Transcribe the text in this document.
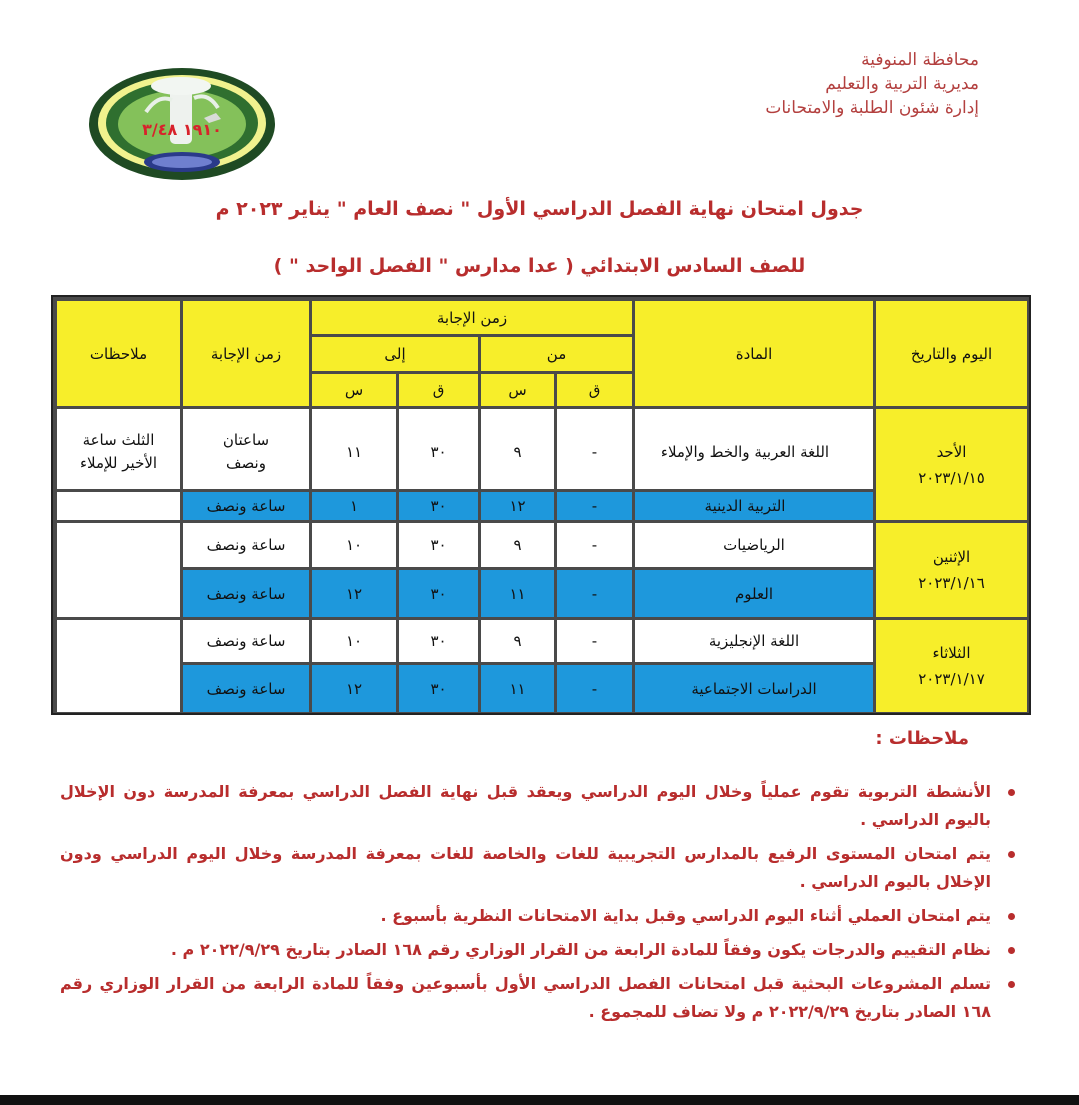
محافظة المنوفية
مديرية التربية والتعليم
إدارة شئون الطلبة والامتحانات
١٩١٠ ٣/٤٨
جدول امتحان نهاية الفصل الدراسي الأول " نصف العام " يناير ٢٠٢٣ م
للصف السادس الابتدائي ( عدا مدارس " الفصل الواحد " )
اليوم والتاريخ
المادة
زمن الإجابة
من
إلى
ق
س
ق
س
زمن الإجابة
ملاحظات
الأحد
٢٠٢٣/١/١٥
الإثنين
٢٠٢٣/١/١٦
الثلاثاء
٢٠٢٣/١/١٧
اللغة العربية والخط والإملاء
-
٩
٣٠
١١
ساعتان ونصف
الثلث ساعة الأخير للإملاء
التربية الدينية
-
١٢
٣٠
١
ساعة ونصف
الرياضيات
-
٩
٣٠
١٠
ساعة ونصف
العلوم
-
١١
٣٠
١٢
ساعة ونصف
اللغة الإنجليزية
-
٩
٣٠
١٠
ساعة ونصف
الدراسات الاجتماعية
-
١١
٣٠
١٢
ساعة ونصف
ملاحظات :
الأنشطة التربوية تقوم عملياً وخلال اليوم الدراسي ويعقد قبل نهاية الفصل الدراسي بمعرفة المدرسة دون الإخلال باليوم الدراسي .
يتم امتحان المستوى الرفيع بالمدارس التجريبية للغات والخاصة للغات بمعرفة المدرسة وخلال اليوم الدراسي ودون الإخلال باليوم الدراسي .
يتم امتحان العملي أثناء اليوم الدراسي وقبل بداية الامتحانات النظرية بأسبوع .
نظام التقييم والدرجات يكون وفقاً للمادة الرابعة من القرار الوزاري رقم ١٦٨ الصادر بتاريخ ٢٠٢٢/٩/٢٩ م .
تسلم المشروعات البحثية قبل امتحانات الفصل الدراسي الأول بأسبوعين وفقاً للمادة الرابعة من القرار الوزاري رقم ١٦٨ الصادر بتاريخ ٢٠٢٢/٩/٢٩ م ولا تضاف للمجموع .
